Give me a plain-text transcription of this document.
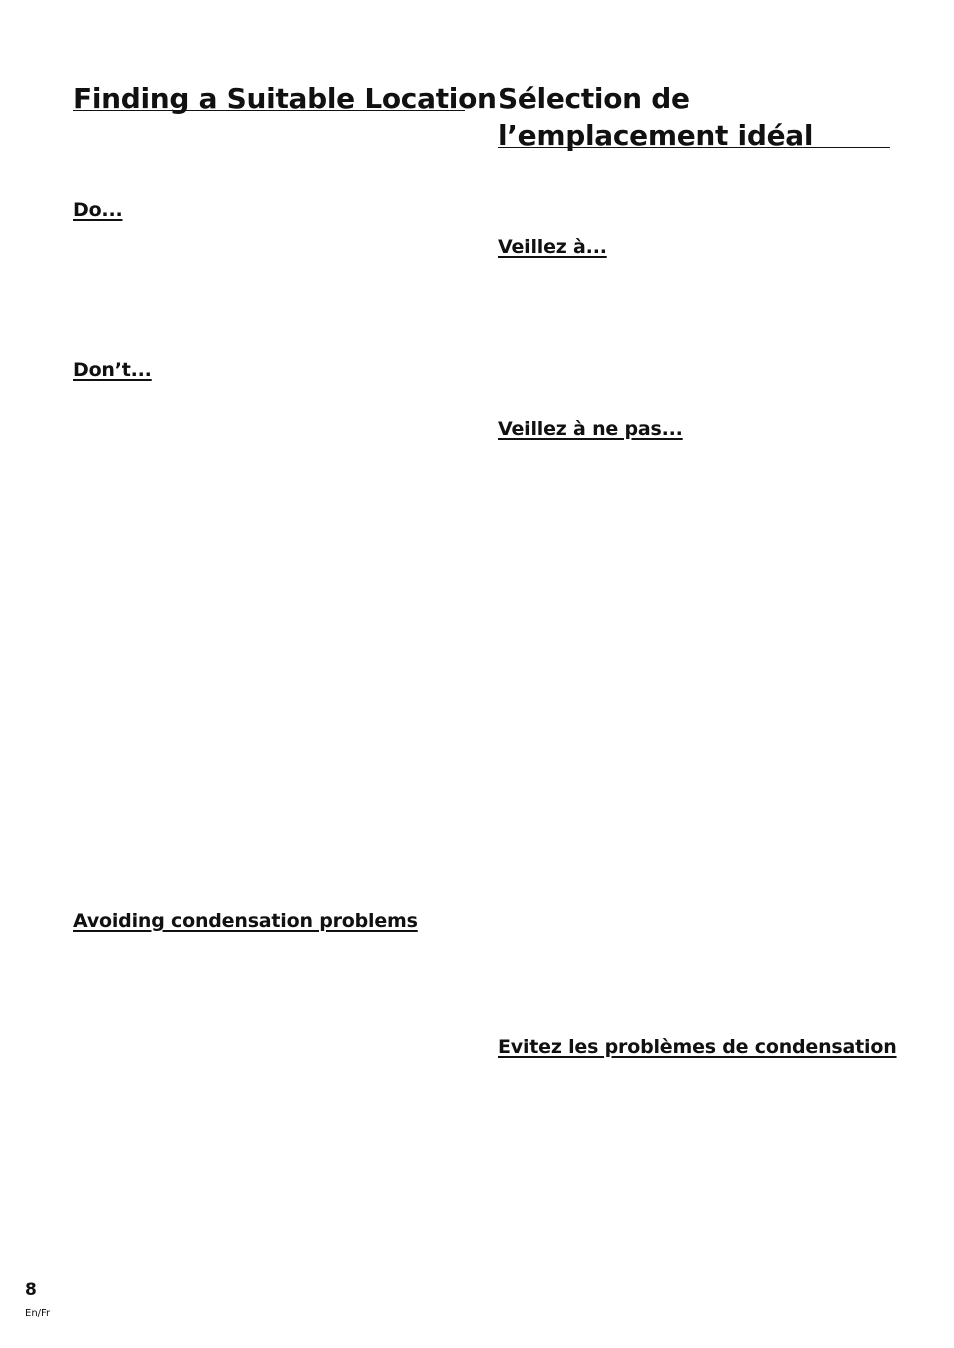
Finding a Suitable Location Sélection de
l’emplacement idéal
Do...
Don’t...
Avoiding condensation problems
Veillez à...
Veillez à ne pas...
Evitez les problèmes de condensation

8

En/Fr
